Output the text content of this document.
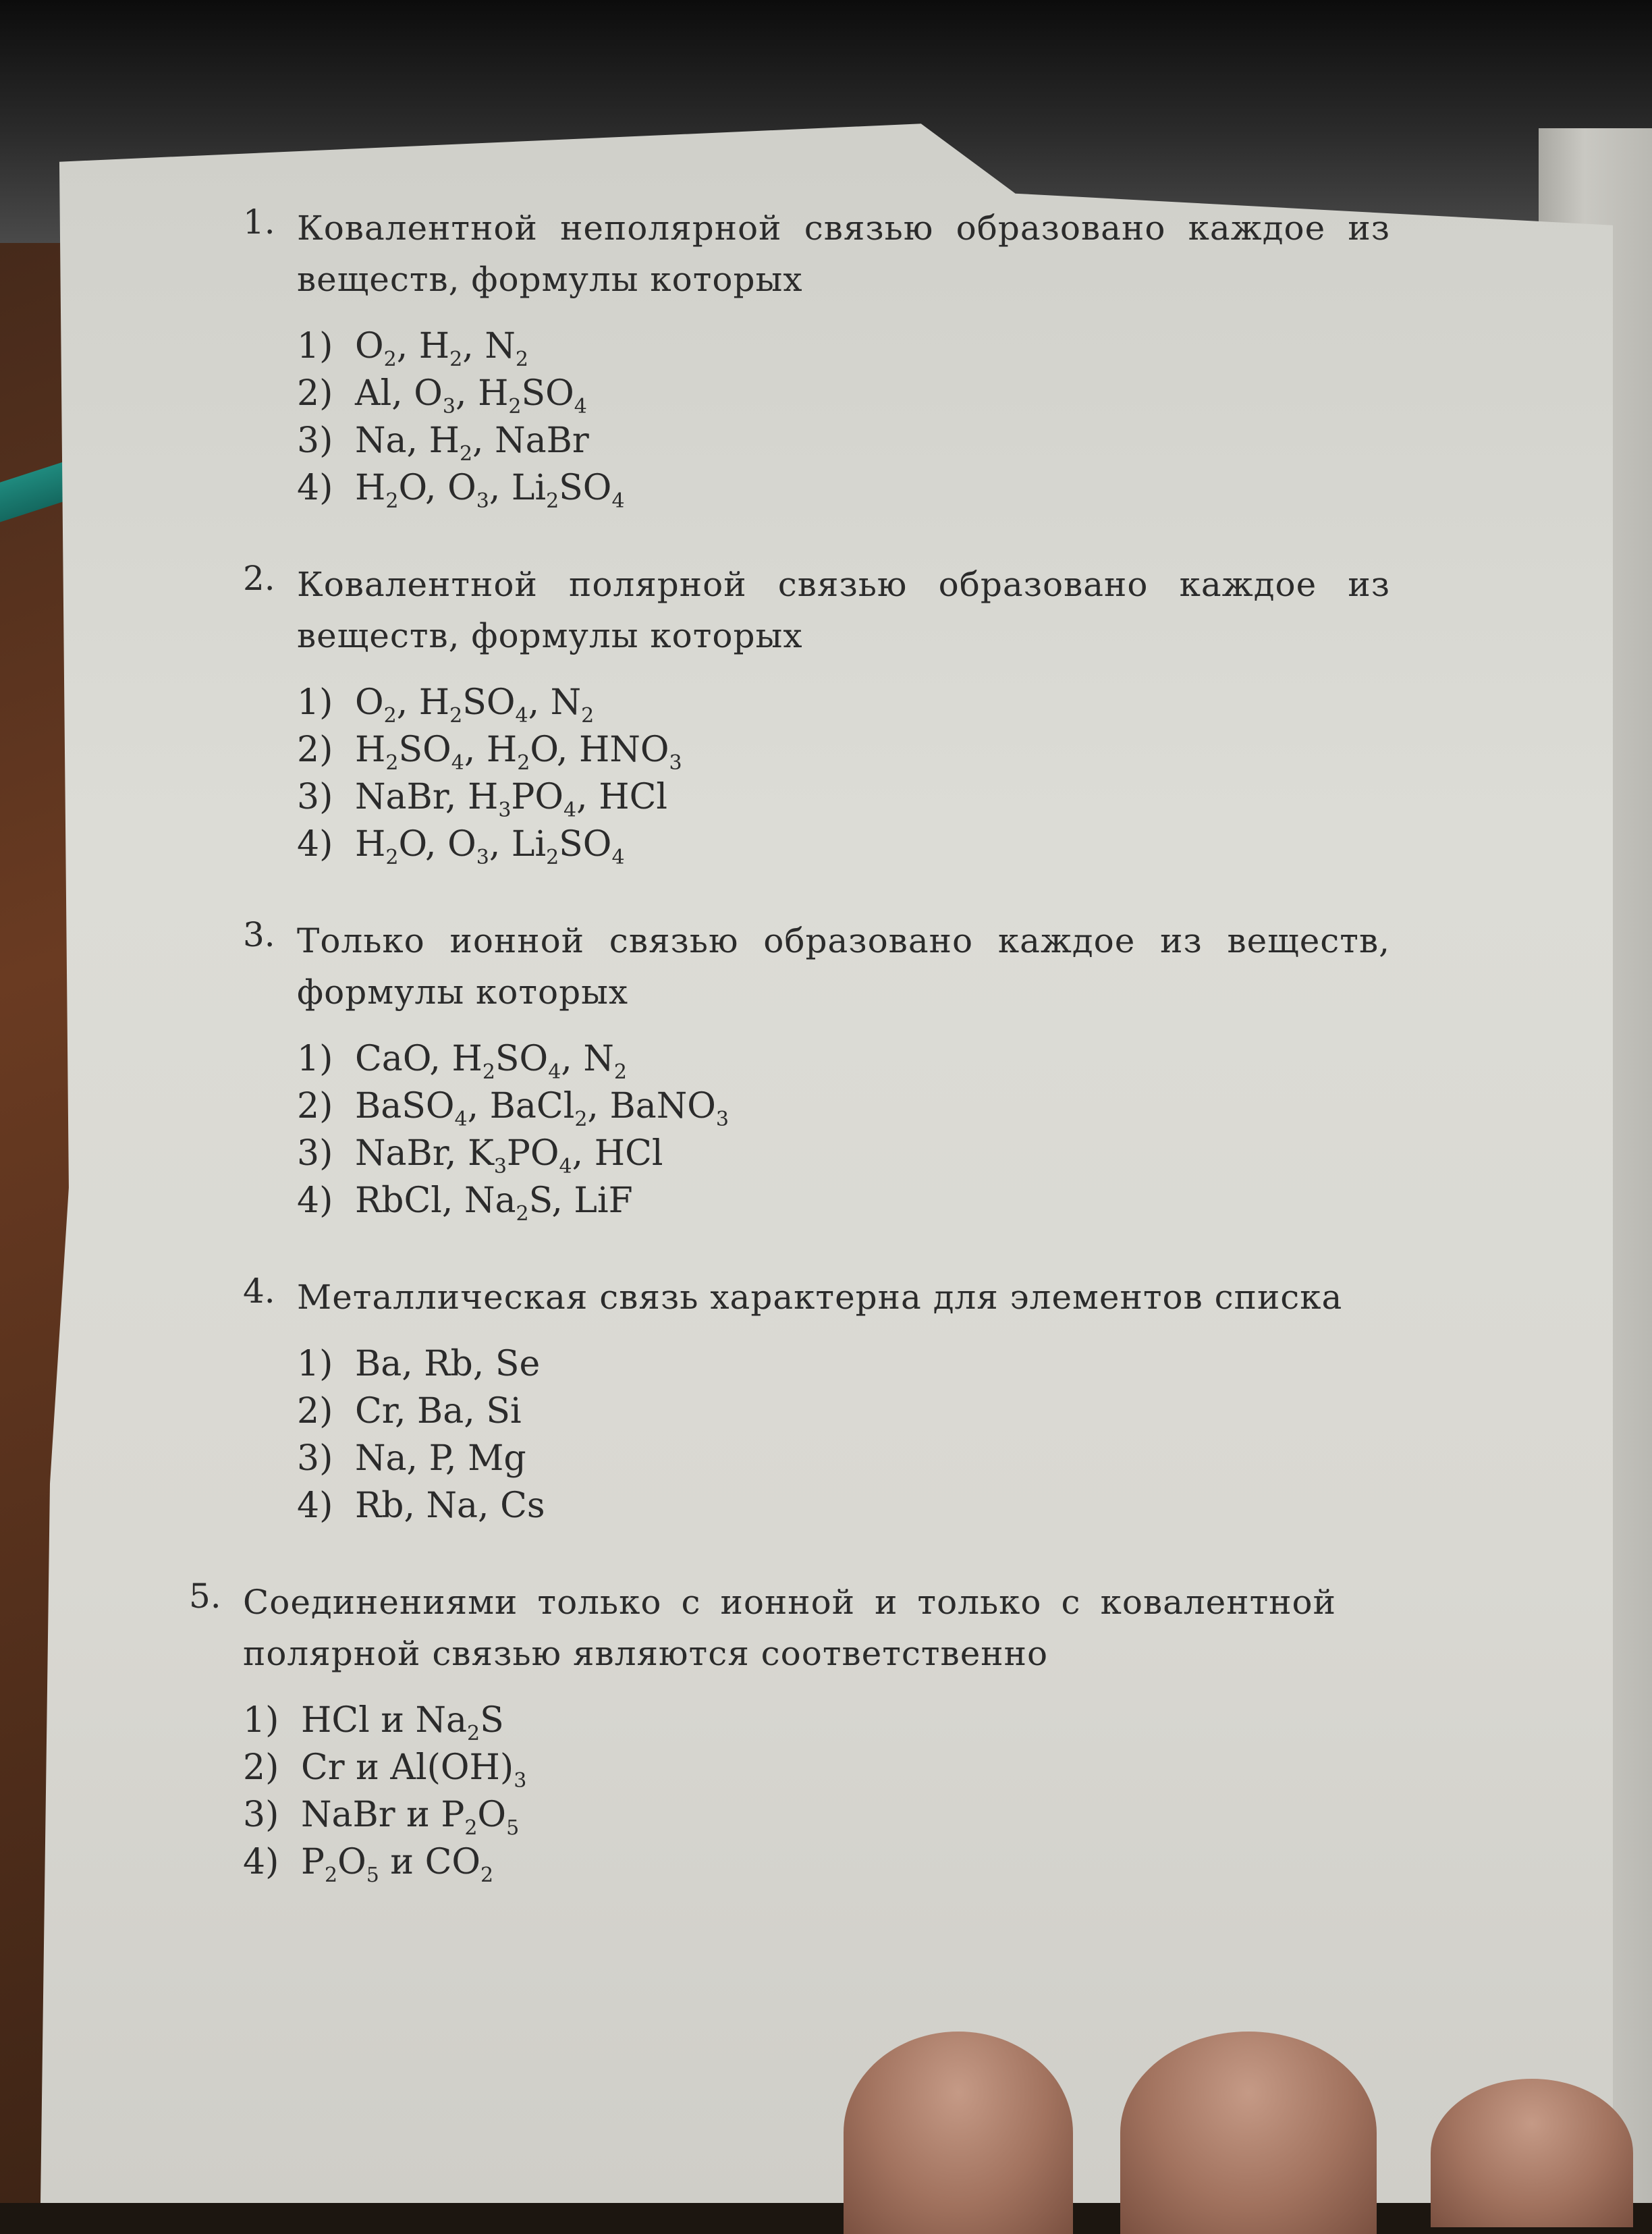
1. Ковалентной неполярной связью образовано каждое из веществ, формулы которых

1) $O_2$, $H_2$, $N_2$
2) Al, $O_3$, $H_2SO_4$
3) Na, $H_2$, NaBr
4) $H_2O$, $O_3$, $Li_2SO_4$
2. Ковалентной полярной связью образовано каждое из веществ, формулы которых

1) $O_2$, $H_2SO_4$, $N_2$
2) $H_2SO_4$, $H_2O$, $HNO_3$
3) NaBr, $H_3PO_4$, HCl
4) $H_2O$, $O_3$, $Li_2SO_4$
3. Только ионной связью образовано каждое из веществ, формулы которых

1) CaO, $H_2SO_4$, $N_2$
2) BaSO$_4$, BaCl$_2$, BaNO$_3$
3) NaBr, $K_3PO_4$, HCl
4) RbCl, $Na_2S$, LiF
4. Металлическая связь характерна для элементов списка

1) Ba, Rb, Se
2) Cr, Ba, Si
3) Na, P, Mg
4) Rb, Na, Cs
5. Соединениями только с ионной и только с ковалентной полярной связью являются соответственно

1) HCl и $Na_2S$
2) Cr и $Al(OH)_3$
3) NaBr и $P_2O_5$
4) $P_2O_5$ и $CO_2$
